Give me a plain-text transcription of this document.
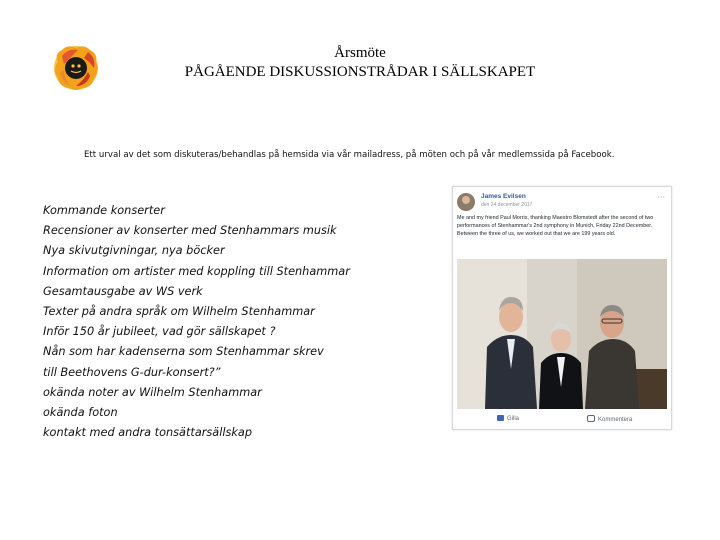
Årsmöte
PÅGÅENDE DISKUSSIONSTRÅDAR I SÄLLSKAPET
Ett urval av det som diskuteras/behandlas på hemsida via vår mailadress, på möten och på vår medlemssida på Facebook.
Kommande konserter
Recensioner av konserter med Stenhammars musik
Nya skivutgivningar, nya böcker
Information om artister med koppling till Stenhammar
Gesamtausgabe av WS verk
Texter på andra språk om Wilhelm Stenhammar
Inför 150 år jubileet, vad gör sällskapet ?
Nån som har kadenserna som Stenhammar skrev
till Beethovens G-dur-konsert?”
okända noter av Wilhelm Stenhammar
okända foton
kontakt med andra tonsättarsällskap
James Evilsen
den 24 december 2017
···
Me and my friend Paul Morris, thanking Maestro Blomstedt after the second of two performances of Stenhammar's 2nd symphony in Munich, Friday 22nd December. Between the three of us, we worked out that we are 199 years old.
Gilla	Kommentera
